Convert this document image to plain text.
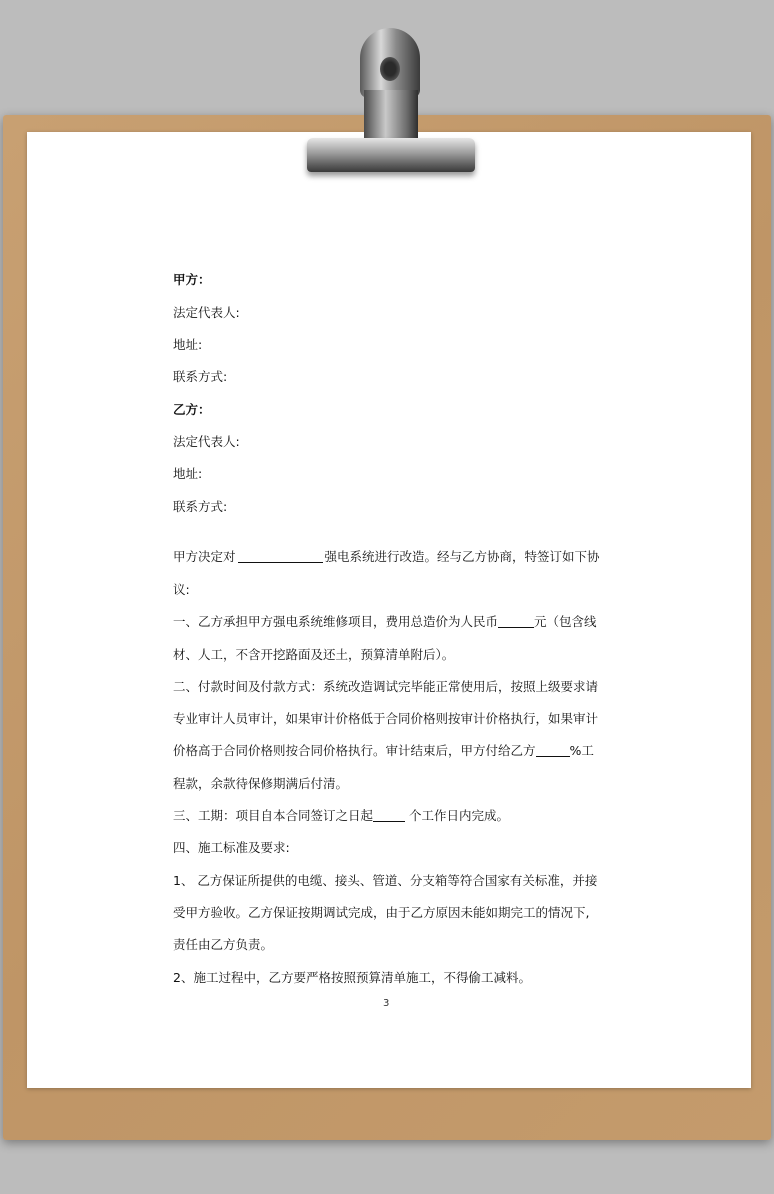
甲方：
法定代表人:
地址:
联系方式:
乙方：
法定代表人:
地址:
联系方式:
甲方决定对	强电系统进行改造。经与乙方协商，特签订如下协
议:
一、乙方承担甲方强电系统维修项目，费用总造价为人民币	元（包含线
材、人工，不含开挖路面及还土，预算清单附后）。
二、付款时间及付款方式：系统改造调试完毕能正常使用后，按照上级要求请
专业审计人员审计，如果审计价格低于合同价格则按审计价格执行，如果审计
价格高于合同价格则按合同价格执行。审计结束后，甲方付给乙方	%工
程款，余款待保修期满后付清。
三、工期：项目自本合同签订之日起	个工作日内完成。
四、施工标准及要求:
1、 乙方保证所提供的电缆、接头、管道、分支箱等符合国家有关标准，并接
受甲方验收。乙方保证按期调试完成，由于乙方原因未能如期完工的情况下,
责任由乙方负责。
2、施工过程中，乙方要严格按照预算清单施工，不得偷工减料。
3
